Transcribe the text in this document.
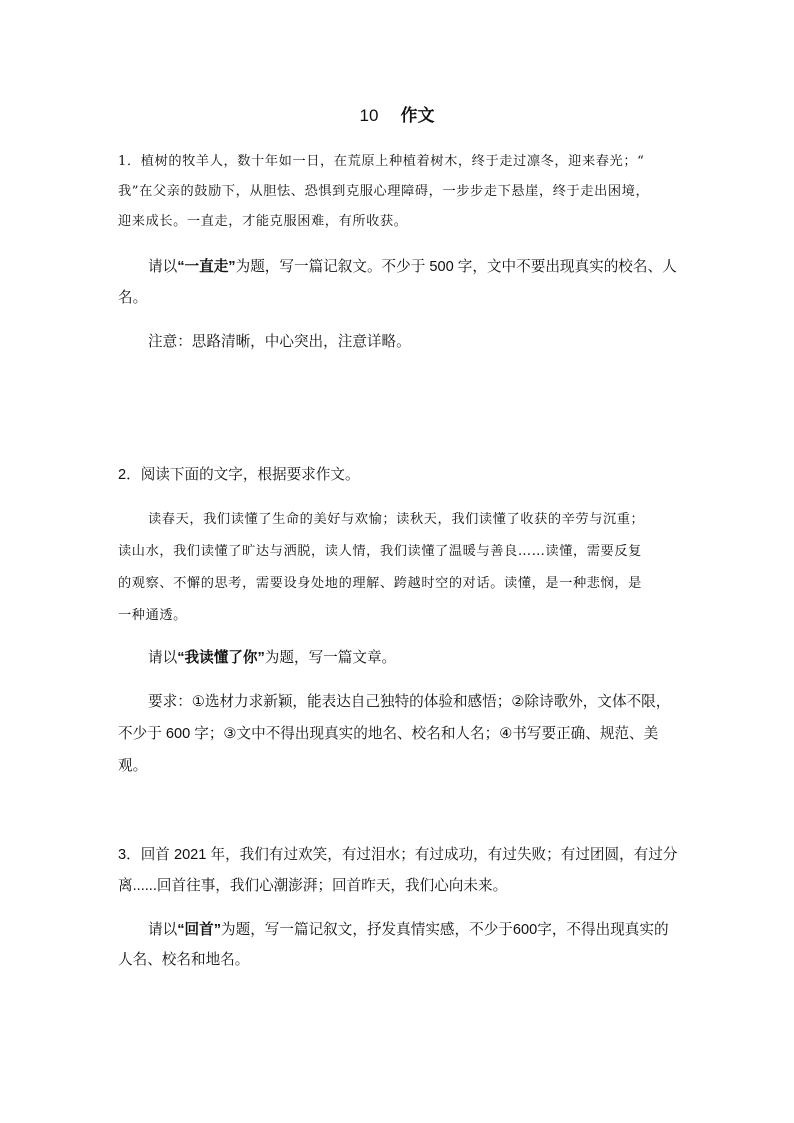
10 作文
1．植树的牧羊人，数十年如一日，在荒原上种植着树木，终于走过凛冬，迎来春光；“
我”在父亲的鼓励下，从胆怯、恐惧到克服心理障碍，一步步走下悬崖，终于走出困境，
迎来成长。一直走，才能克服困难，有所收获。
请以“一直走”为题，写一篇记叙文。不少于 500 字，文中不要出现真实的校名、人
名。
注意：思路清晰，中心突出，注意详略。
2．阅读下面的文字，根据要求作文。
读春天，我们读懂了生命的美好与欢愉；读秋天，我们读懂了收获的辛劳与沉重；
读山水，我们读懂了旷达与洒脱，读人情，我们读懂了温暖与善良……读懂，需要反复
的观察、不懈的思考，需要设身处地的理解、跨越时空的对话。读懂，是一种悲悯，是
一种通透。
请以“我读懂了你”为题，写一篇文章。
要求：①选材力求新颖，能表达自己独特的体验和感悟；②除诗歌外，文体不限，
不少于 600 字；③文中不得出现真实的地名、校名和人名；④书写要正确、规范、美
观。
3．回首 2021 年，我们有过欢笑，有过泪水；有过成功，有过失败；有过团圆，有过分
离......回首往事，我们心潮澎湃；回首昨天，我们心向未来。
请以“回首”为题，写一篇记叙文，抒发真情实感，不少于600字，不得出现真实的
人名、校名和地名。
